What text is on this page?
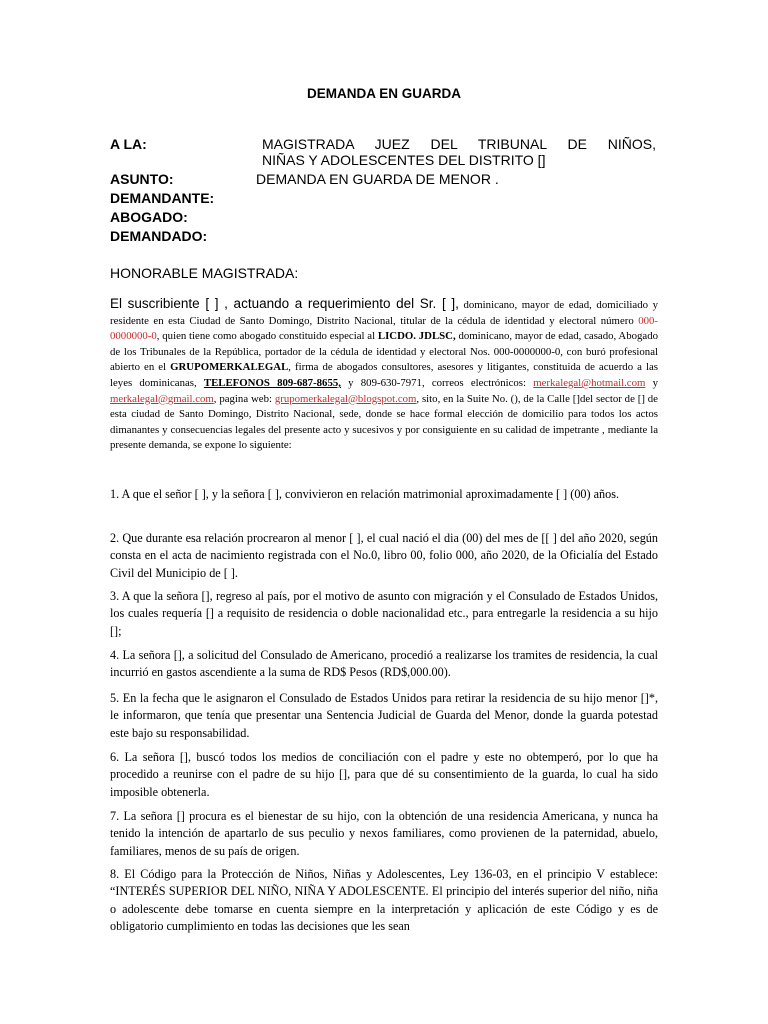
DEMANDA EN GUARDA
A LA:	MAGISTRADA JUEZ DEL TRIBUNAL DE NIÑOS,
NIÑAS Y ADOLESCENTES DEL DISTRITO []
ASUNTO:	DEMANDA EN GUARDA DE MENOR .
DEMANDANTE:
ABOGADO:
DEMANDADO:
HONORABLE MAGISTRADA:
El suscribiente [ ] , actuando a requerimiento del Sr. [ ], dominicano, mayor de edad, domiciliado y residente en esta Ciudad de Santo Domingo, Distrito Nacional, titular de la cédula de identidad y electoral número 000-0000000-0, quien tiene como abogado constituido especial al LICDO. JDLSC, dominicano, mayor de edad, casado, Abogado de los Tribunales de la República, portador de la cédula de identidad y electoral Nos. 000-0000000-0, con buró profesional abierto en el GRUPOMERKALEGAL, firma de abogados consultores, asesores y litigantes, constituida de acuerdo a las leyes dominicanas, TELEFONOS 809-687-8655, y 809-630-7971, correos electrónicos: merkalegal@hotmail.com y merkalegal@gmail.com, pagina web: grupomerkalegal@blogspot.com, sito, en la Suite No. (), de la Calle []del sector de [] de esta ciudad de Santo Domingo, Distrito Nacional, sede, donde se hace formal elección de domicilio para todos los actos dimanantes y consecuencias legales del presente acto y sucesivos y por consiguiente en su calidad de impetrante , mediante la presente demanda, se expone lo siguiente:

1. A que el señor [ ], y la señora [ ], convivieron en relación matrimonial aproximadamente [ ] (00) años.

2. Que durante esa relación procrearon al menor [ ], el cual nació el dia (00) del mes de [[ ] del año 2020, según consta en el acta de nacimiento registrada con el No.0, libro 00, folio 000, año 2020, de la Oficialía del Estado Civil del Municipio de [ ].

3. A que la señora [], regreso al país, por el motivo de asunto con migración y el Consulado de Estados Unidos, los cuales requería [] a requisito de residencia o doble nacionalidad etc., para entregarle la residencia a su hijo [];

4. La señora [], a solicitud del Consulado de Americano, procedió a realizarse los tramites de residencia, la cual incurrió en gastos ascendiente a la suma de RD$ Pesos (RD$,000.00).

5. En la fecha que le asignaron el Consulado de Estados Unidos para retirar la residencia de su hijo menor []*, le informaron, que tenía que presentar una Sentencia Judicial de Guarda del Menor, donde la guarda potestad este bajo su responsabilidad.

6. La señora [], buscó todos los medios de conciliación con el padre y este no obtemperó, por lo que ha procedido a reunirse con el padre de su hijo [], para que dé su consentimiento de la guarda, lo cual ha sido imposible obtenerla.

7. La señora [] procura es el bienestar de su hijo, con la obtención de una residencia Americana, y nunca ha tenido la intención de apartarlo de sus peculio y nexos familiares, como provienen de la paternidad, abuelo, familiares, menos de su país de origen.

8. El Código para la Protección de Niños, Niñas y Adolescentes, Ley 136-03, en el principio V establece: “INTERÉS SUPERIOR DEL NIÑO, NIÑA Y ADOLESCENTE. El principio del interés superior del niño, niña o adolescente debe tomarse en cuenta siempre en la interpretación y aplicación de este Código y es de obligatorio cumplimiento en todas las decisiones que les sean
